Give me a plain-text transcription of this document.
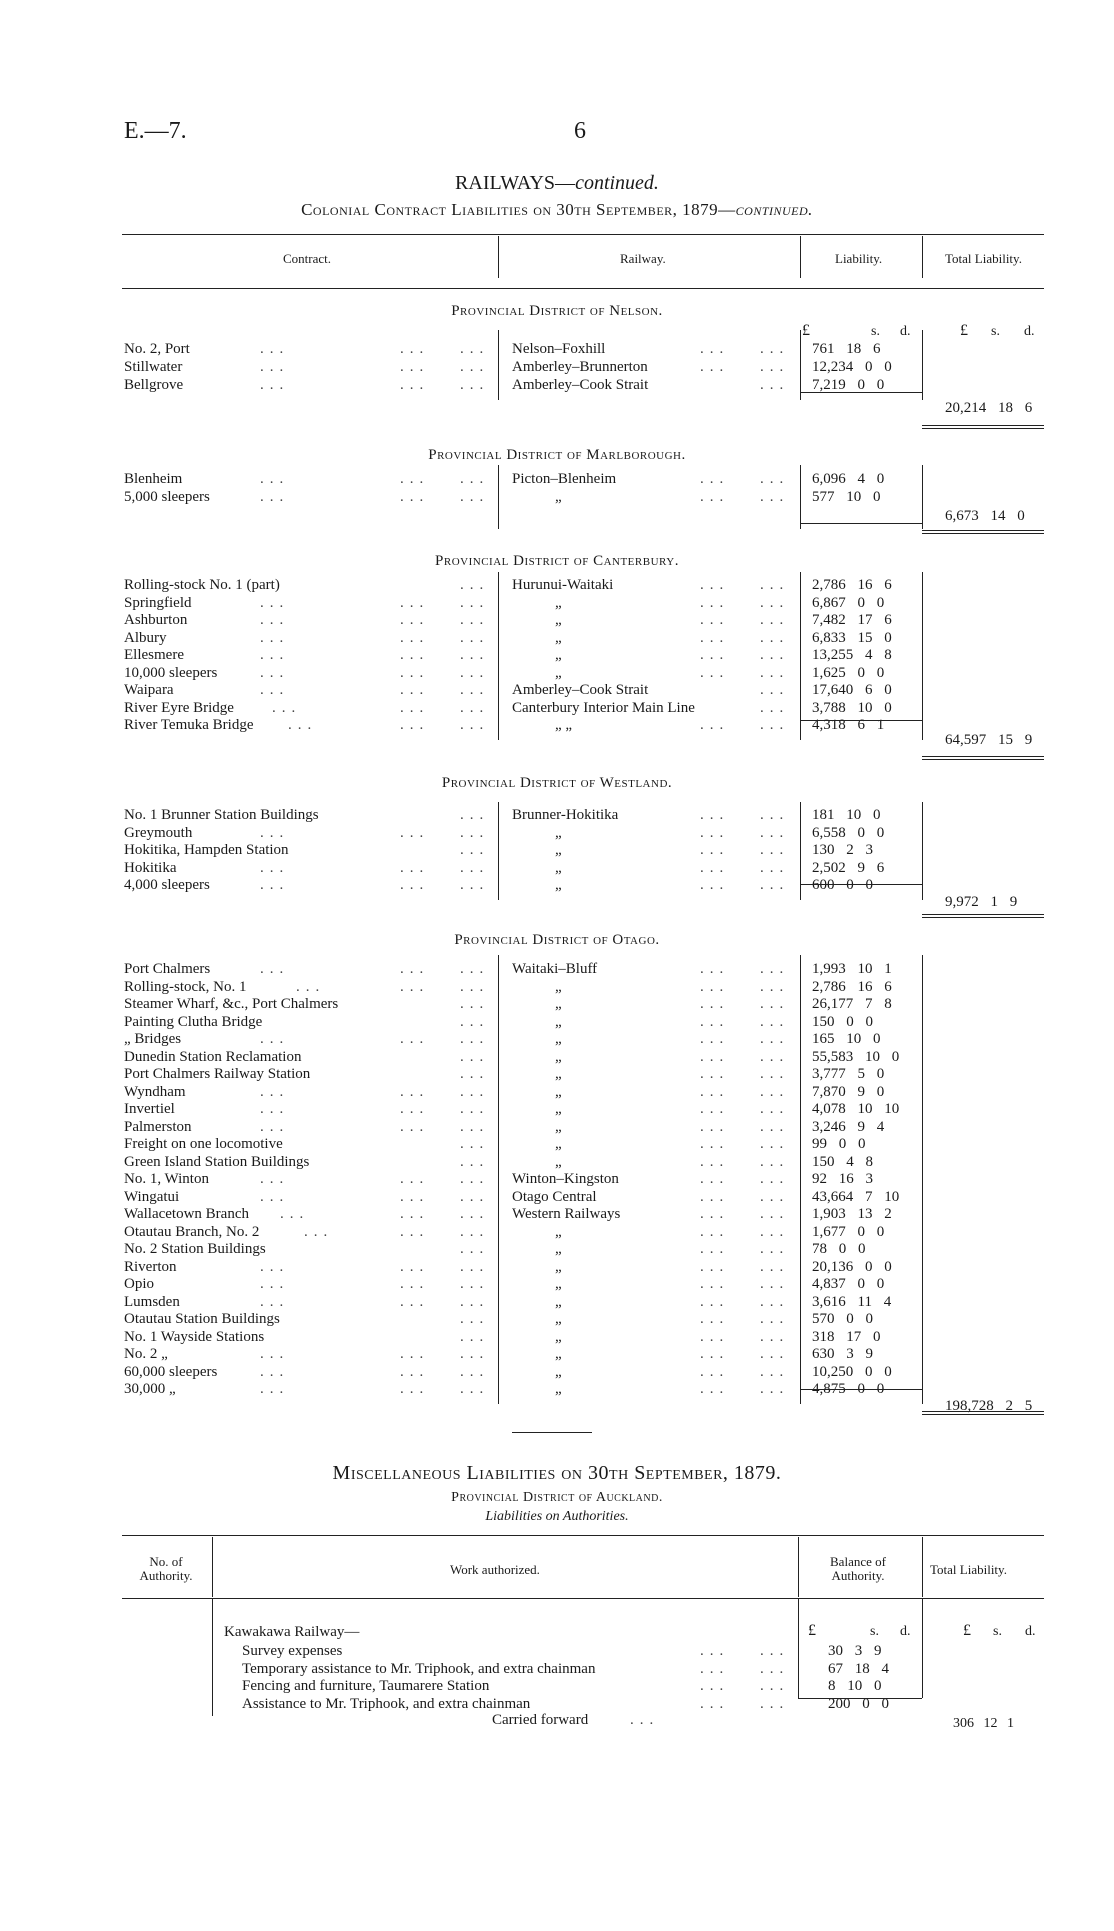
E.—7.	6
RAILWAYS—continued.
Colonial Contract Liabilities on 30th September, 1879—continued.
Contract.	Railway.	Liability.	Total Liability.
£	s. d.	£ s. d.
Provincial District of Nelson.
No. 2, Port	...	... ... Nelson–Foxhill	... ... 761 18 6
Stillwater	...	... ... Amberley–Brunnerton	... ... 12,234 0 0
Bellgrove	...	... ... Amberley–Cook Strait	... 7,219 0 0
20,214 18 6
Provincial District of Marlborough.
Blenheim	...	... ... Picton–Blenheim	... ... 6,096 4 0
5,000 sleepers	...	... ...	„	... ... 577 10 0
6,673 14 0
Provincial District of Canterbury.
Rolling-stock No. 1 (part)	... Hurunui-Waitaki	... ... 2,786 16 6
Springfield	...	... ...	„	... ... 6,867 0 0
Ashburton	...	... ...	„	... ... 7,482 17 6
Albury	...	... ...	„	... ... 6,833 15 0
Ellesmere	...	... ...	„	... ... 13,255 4 8
10,000 sleepers	...	... ...	„	... ... 1,625 0 0
Waipara	...	... ... Amberley–Cook Strait	... 17,640 6 0
River Eyre Bridge	...	... ... Canterbury Interior Main Line	... 3,788 10 0
River Temuka Bridge ...	... ...	„ „	... ... 4,318 6 1
64,597 15 9
Provincial District of Westland.
No. 1 Brunner Station Buildings	... Brunner-Hokitika	... ... 181 10 0
Greymouth	...	... ...	„	... ... 6,558 0 0
Hokitika, Hampden Station	...	„	... ... 130 2 3
Hokitika	...	... ...	„	... ... 2,502 9 6
4,000 sleepers	...	... ...	„	... ... 600 0 0
9,972 1 9
Provincial District of Otago.
Port Chalmers	...	... ... Waitaki–Bluff	... ... 1,993 10 1
Rolling-stock, No. 1	...	... ...	„	... ... 2,786 16 6
Steamer Wharf, &c., Port Chalmers	...	„	... ... 26,177 7 8
Painting Clutha Bridge	...	„	... ... 150 0 0
„ Bridges	...	... ...	„	... ... 165 10 0
Dunedin Station Reclamation	...	„	... ... 55,583 10 0
Port Chalmers Railway Station	...	„	... ... 3,777 5 0
Wyndham	...	... ...	„	... ... 7,870 9 0
Invertiel	...	... ...	„	... ... 4,078 10 10
Palmerston	...	... ...	„	... ... 3,246 9 4
Freight on one locomotive	...	„	... ... 99 0 0
Green Island Station Buildings	...	„	... ... 150 4 8
No. 1, Winton	...	... ... Winton–Kingston	... ... 92 16 3
Wingatui	...	... ... Otago Central	... ... 43,664 7 10
Wallacetown Branch ...	... ... Western Railways	... ... 1,903 13 2
Otautau Branch, No. 2	...	... ...	„	... ... 1,677 0 0
No. 2 Station Buildings	...	„	... ... 78 0 0
Riverton	...	... ...	„	... ... 20,136 0 0
Opio	...	... ...	„	... ... 4,837 0 0
Lumsden	...	... ...	„	... ... 3,616 11 4
Otautau Station Buildings	...	„	... ... 570 0 0
No. 1 Wayside Stations	...	„	... ... 318 17 0
No. 2 „	...	... ...	„	... ... 630 3 9
60,000 sleepers	...	... ...	„	... ... 10,250 0 0
30,000 „	...	... ...	„	... ... 4,875 0 0
198,728 2 5
Miscellaneous Liabilities on 30th September, 1879.
Provincial District of Auckland.
Liabilities on Authorities.
No. of Authority.	Work authorized.
Balance of Authority.	Total Liability.
£	s. d.	£ s. d.
Kawakawa Railway—
Survey expenses	... ...	30 3 9
Temporary assistance to Mr. Triphook, and extra chainman	... ...	67 18 4
Fencing and furniture, Taumarere Station	... ...	8 10 0
Assistance to Mr. Triphook, and extra chainman	... ...	200 0 0
Carried forward	...	306 12 1
